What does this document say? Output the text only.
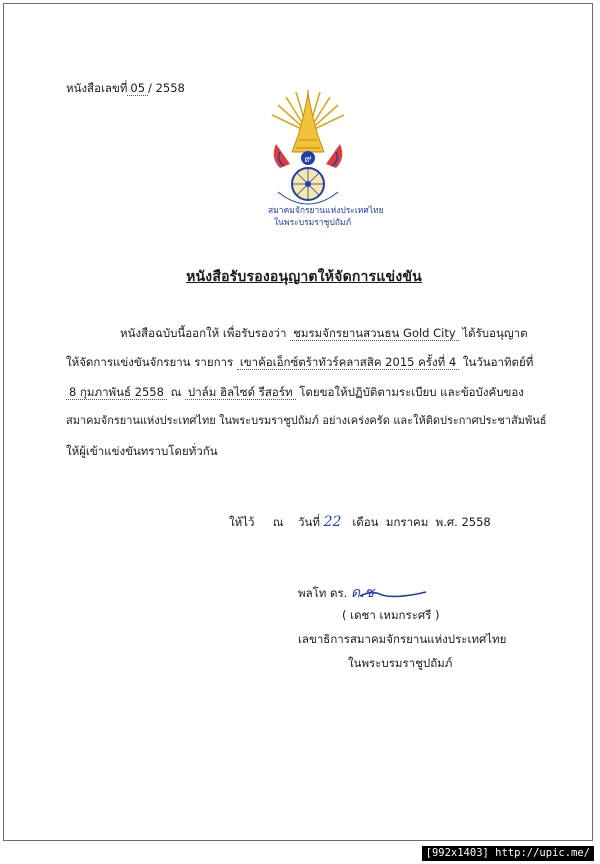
หนังสือเลขที่ 05 / 2558
๙
สมาคมจักรยานแห่งประเทศไทย
ในพระบรมราชูปถัมภ์
หนังสือรับรองอนุญาตให้จัดการแข่งขัน
หนังสือฉบับนี้ออกให้ เพื่อรับรองว่า ชมรมจักรยานสวนธน Gold City ได้รับอนุญาต
ให้จัดการแข่งขันจักรยาน รายการ เขาค้อเอ็กซ์ตร้าทัวร์คลาสสิค 2015 ครั้งที่ 4 ในวันอาทิตย์ที่
8 กุมภาพันธ์ 2558 ณ ปาล์ม ฮิลไซด์ รีสอร์ท โดยขอให้ปฏิบัติตามระเบียบ และข้อบังคับของ
สมาคมจักรยานแห่งประเทศไทย ในพระบรมราชูปถัมภ์ อย่างเคร่งครัด และให้ติดประกาศประชาสัมพันธ์
ให้ผู้เข้าแข่งขันทราบโดยทั่วกัน
ให้ไว้ ณ วันที่ 22 เดือน มกราคม พ.ศ. 2558
พลโท ดร. ด.ช
( เดชา เหมกระศรี )
เลขาธิการสมาคมจักรยานแห่งประเทศไทย
ในพระบรมราชูปถัมภ์
[992x1403] http://upic.me/
